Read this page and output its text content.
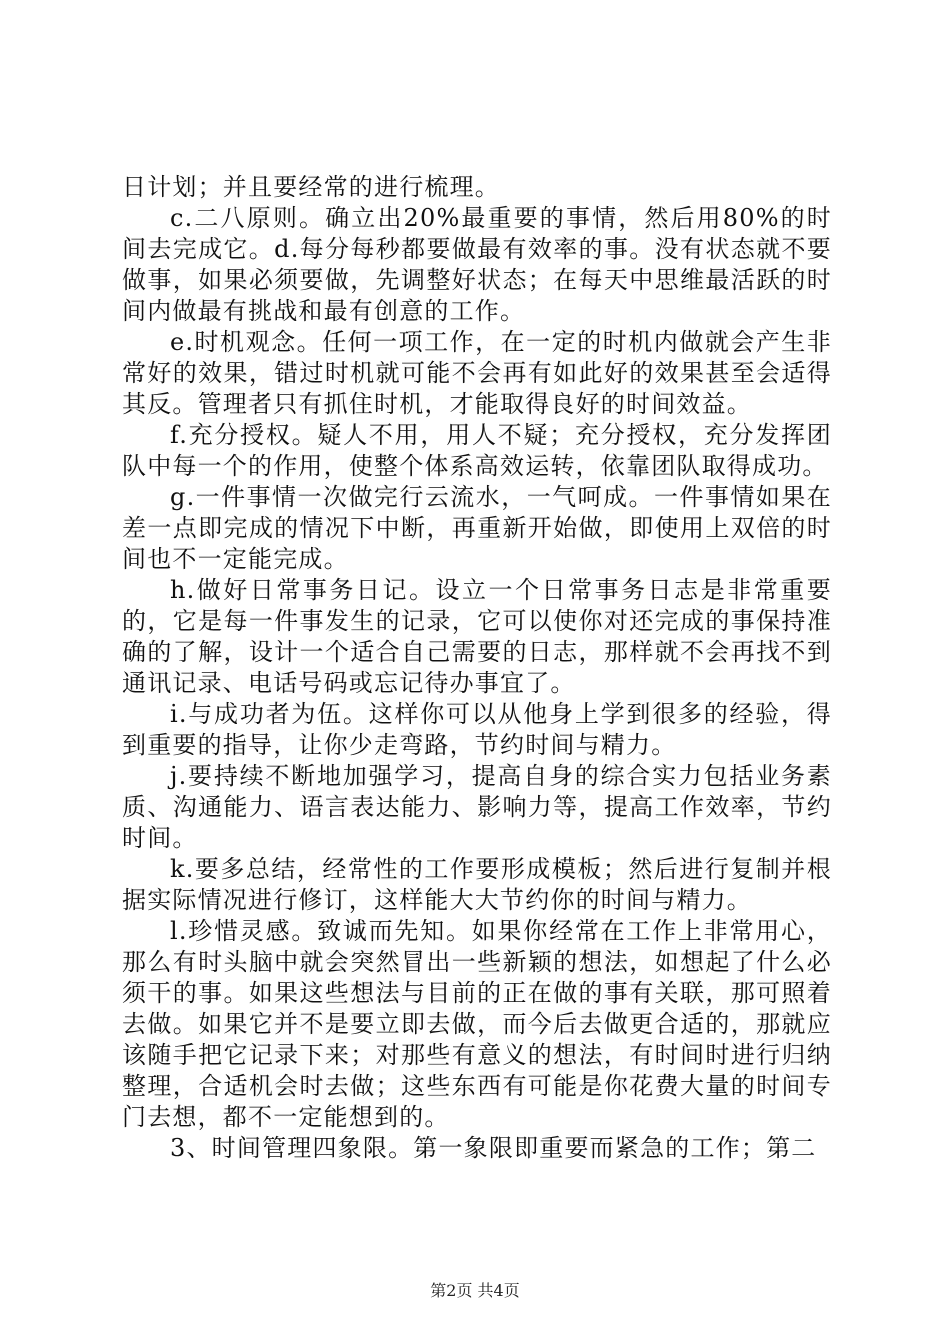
日计划；并且要经常的进行梳理。

c.二八原则。确立出20%最重要的事情，然后用80%的时间去完成它。d.每分每秒都要做最有效率的事。没有状态就不要做事，如果必须要做，先调整好状态；在每天中思维最活跃的时间内做最有挑战和最有创意的工作。

e.时机观念。任何一项工作，在一定的时机内做就会产生非常好的效果，错过时机就可能不会再有如此好的效果甚至会适得其反。管理者只有抓住时机，才能取得良好的时间效益。

f.充分授权。疑人不用，用人不疑；充分授权，充分发挥团队中每一个的作用，使整个体系高效运转，依靠团队取得成功。

g.一件事情一次做完行云流水，一气呵成。一件事情如果在差一点即完成的情况下中断，再重新开始做，即使用上双倍的时间也不一定能完成。

h.做好日常事务日记。设立一个日常事务日志是非常重要的，它是每一件事发生的记录，它可以使你对还完成的事保持准确的了解，设计一个适合自己需要的日志，那样就不会再找不到通讯记录、电话号码或忘记待办事宜了。

i.与成功者为伍。这样你可以从他身上学到很多的经验，得到重要的指导，让你少走弯路，节约时间与精力。

j.要持续不断地加强学习，提高自身的综合实力包括业务素质、沟通能力、语言表达能力、影响力等，提高工作效率，节约时间。

k.要多总结，经常性的工作要形成模板；然后进行复制并根据实际情况进行修订，这样能大大节约你的时间与精力。

l.珍惜灵感。致诚而先知。如果你经常在工作上非常用心，那么有时头脑中就会突然冒出一些新颖的想法，如想起了什么必须干的事。如果这些想法与目前的正在做的事有关联，那可照着去做。如果它并不是要立即去做，而今后去做更合适的，那就应该随手把它记录下来；对那些有意义的想法，有时间时进行归纳整理，合适机会时去做；这些东西有可能是你花费大量的时间专门去想，都不一定能想到的。

3、时间管理四象限。第一象限即重要而紧急的工作；第二

第2页 共4页
